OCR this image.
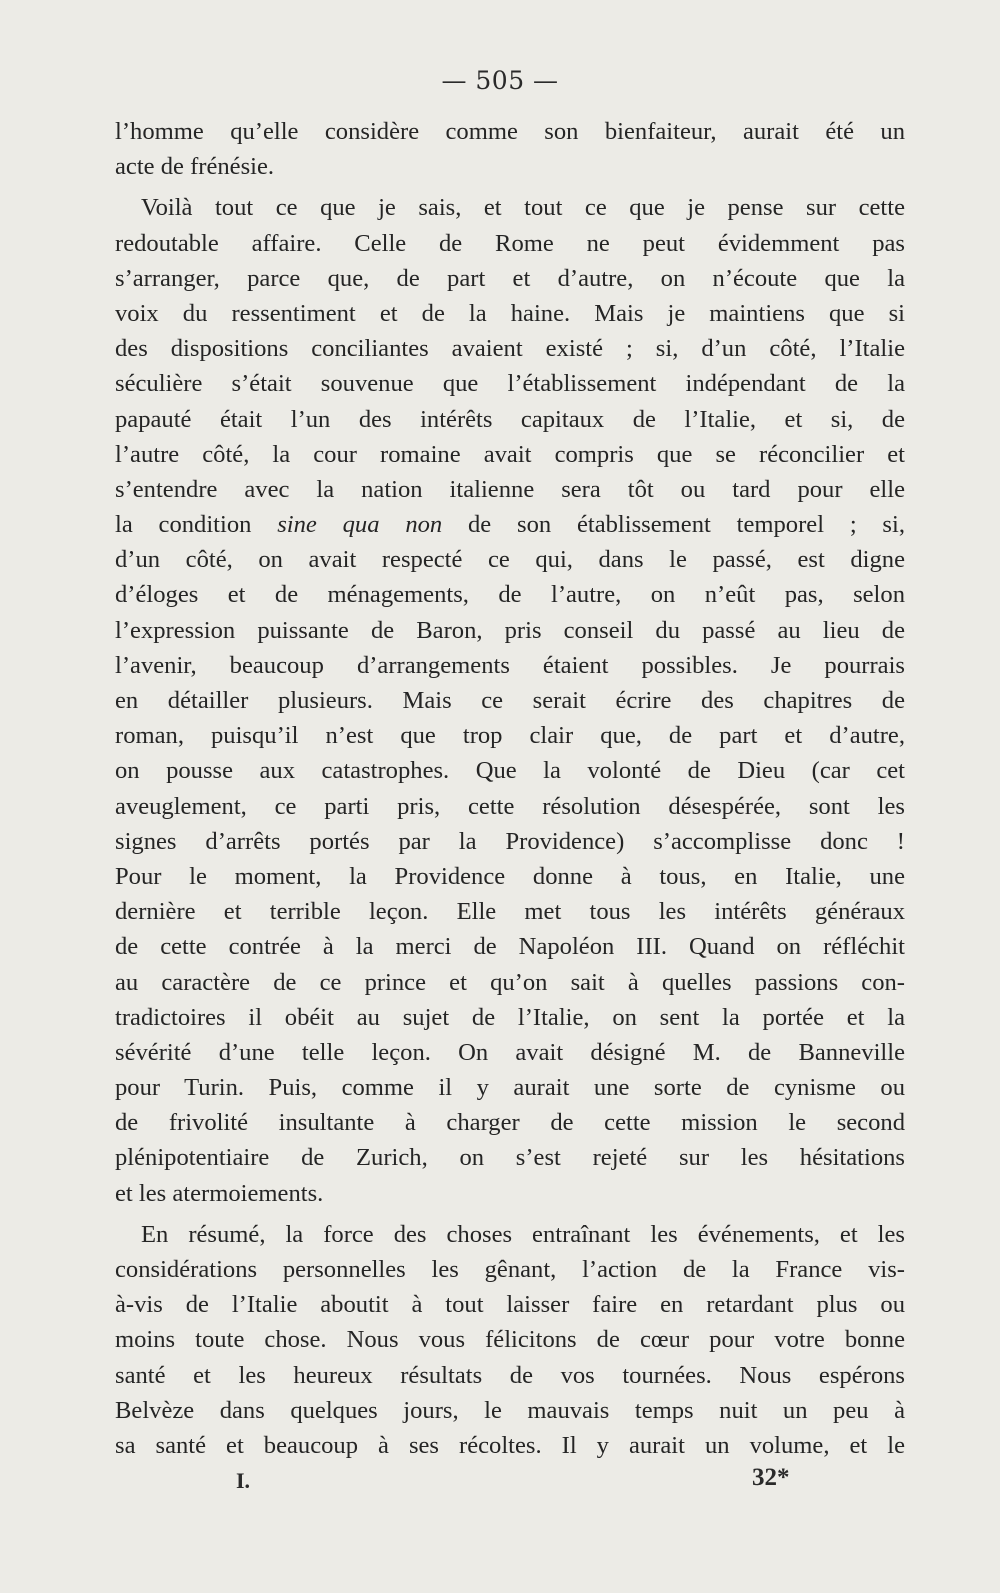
— 505 —
l’homme qu’elle considère comme son bienfaiteur, aurait été un
acte de frénésie.
Voilà tout ce que je sais, et tout ce que je pense sur cette
redoutable affaire. Celle de Rome ne peut évidemment pas
s’arranger, parce que, de part et d’autre, on n’écoute que la
voix du ressentiment et de la haine. Mais je maintiens que si
des dispositions conciliantes avaient existé ; si, d’un côté, l’Italie
séculière s’était souvenue que l’établissement indépendant de la
papauté était l’un des intérêts capitaux de l’Italie, et si, de
l’autre côté, la cour romaine avait compris que se réconcilier et
s’entendre avec la nation italienne sera tôt ou tard pour elle
la condition sine qua non de son établissement temporel ; si,
d’un côté, on avait respecté ce qui, dans le passé, est digne
d’éloges et de ménagements, de l’autre, on n’eût pas, selon
l’expression puissante de Baron, pris conseil du passé au lieu de
l’avenir, beaucoup d’arrangements étaient possibles. Je pourrais
en détailler plusieurs. Mais ce serait écrire des chapitres de
roman, puisqu’il n’est que trop clair que, de part et d’autre,
on pousse aux catastrophes. Que la volonté de Dieu (car cet
aveuglement, ce parti pris, cette résolution désespérée, sont les
signes d’arrêts portés par la Providence) s’accomplisse donc !
Pour le moment, la Providence donne à tous, en Italie, une
dernière et terrible leçon. Elle met tous les intérêts généraux
de cette contrée à la merci de Napoléon III. Quand on réfléchit
au caractère de ce prince et qu’on sait à quelles passions con-
tradictoires il obéit au sujet de l’Italie, on sent la portée et la
sévérité d’une telle leçon. On avait désigné M. de Banneville
pour Turin. Puis, comme il y aurait une sorte de cynisme ou
de frivolité insultante à charger de cette mission le second
plénipotentiaire de Zurich, on s’est rejeté sur les hésitations
et les atermoiements.
En résumé, la force des choses entraînant les événements, et les
considérations personnelles les gênant, l’action de la France vis-
à-vis de l’Italie aboutit à tout laisser faire en retardant plus ou
moins toute chose. Nous vous félicitons de cœur pour votre bonne
santé et les heureux résultats de vos tournées. Nous espérons
Belvèze dans quelques jours, le mauvais temps nuit un peu à
sa santé et beaucoup à ses récoltes. Il y aurait un volume, et le
I.	32*
